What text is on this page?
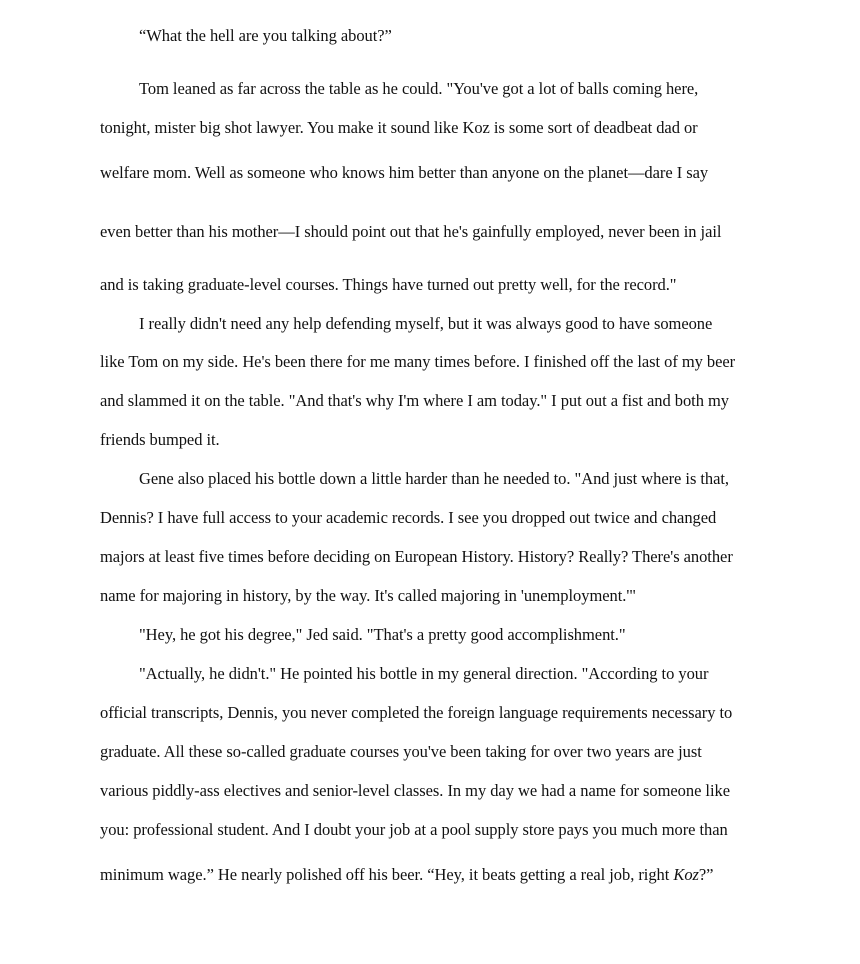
“What the hell are you talking about?”
Tom leaned as far across the table as he could. "You've got a lot of balls coming here,
tonight, mister big shot lawyer. You make it sound like Koz is some sort of deadbeat dad or
welfare mom. Well as someone who knows him better than anyone on the planet—dare I say
even better than his mother—I should point out that he's gainfully employed, never been in jail
and is taking graduate-level courses. Things have turned out pretty well, for the record."
I really didn't need any help defending myself, but it was always good to have someone
like Tom on my side. He's been there for me many times before. I finished off the last of my beer
and slammed it on the table. "And that's why I'm where I am today." I put out a fist and both my
friends bumped it.
Gene also placed his bottle down a little harder than he needed to. "And just where is that,
Dennis? I have full access to your academic records. I see you dropped out twice and changed
majors at least five times before deciding on European History. History? Really? There's another
name for majoring in history, by the way. It's called majoring in 'unemployment.'"
"Hey, he got his degree," Jed said. "That's a pretty good accomplishment."
"Actually, he didn't." He pointed his bottle in my general direction. "According to your
official transcripts, Dennis, you never completed the foreign language requirements necessary to
graduate. All these so-called graduate courses you've been taking for over two years are just
various piddly-ass electives and senior-level classes. In my day we had a name for someone like
you: professional student. And I doubt your job at a pool supply store pays you much more than
minimum wage.” He nearly polished off his beer. “Hey, it beats getting a real job, right Koz?”
